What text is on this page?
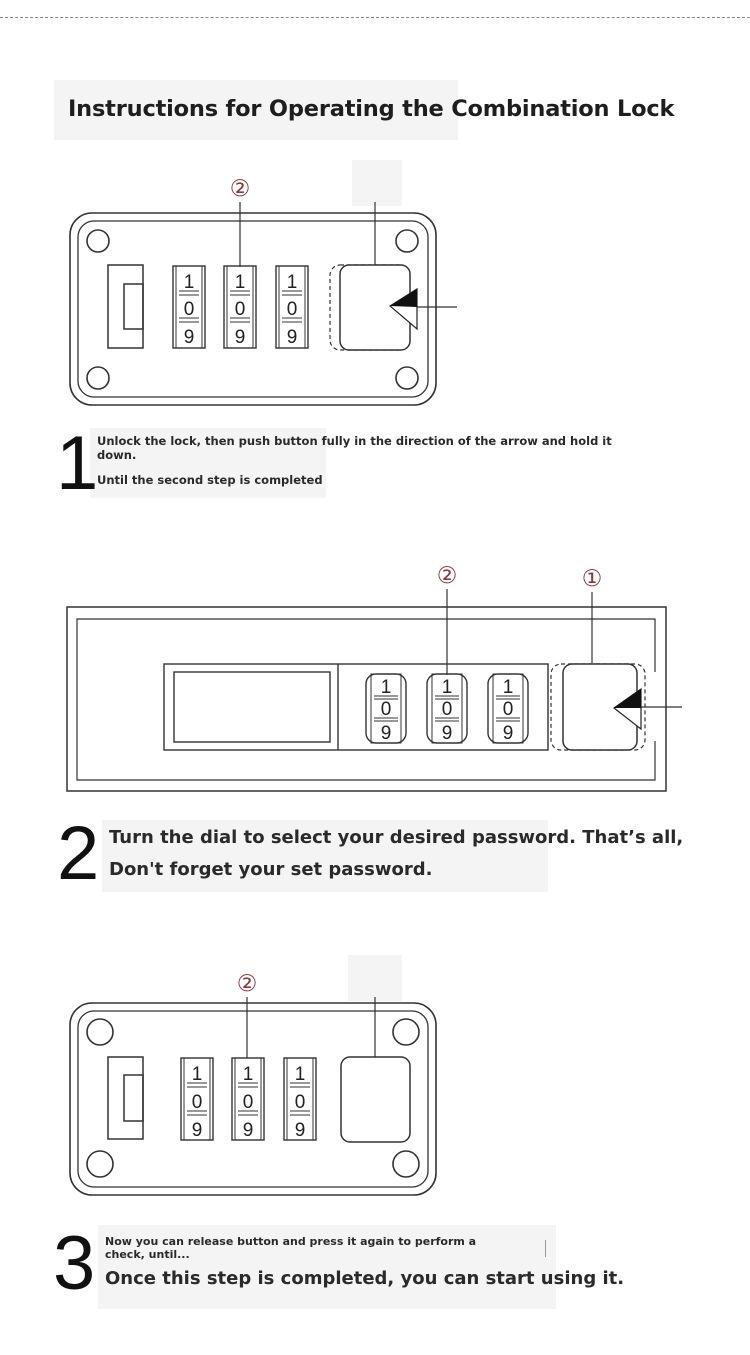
Instructions for Operating the Combination Lock
②
1
0
9
1
0
9
1
0
9
1
Unlock the lock, then push button fully in the direction of the arrow and hold it down.
Until the second step is completed
②	①
1
0
9
1
0
9
1
0
9
2 Turn the dial to select your desired password. That’s all,
Don't forget your set password.
②
1
0
9
1
0
9
1
0
9
3 Now you can release button and press it again to perform a check, until...
Once this step is completed, you can start using it.
